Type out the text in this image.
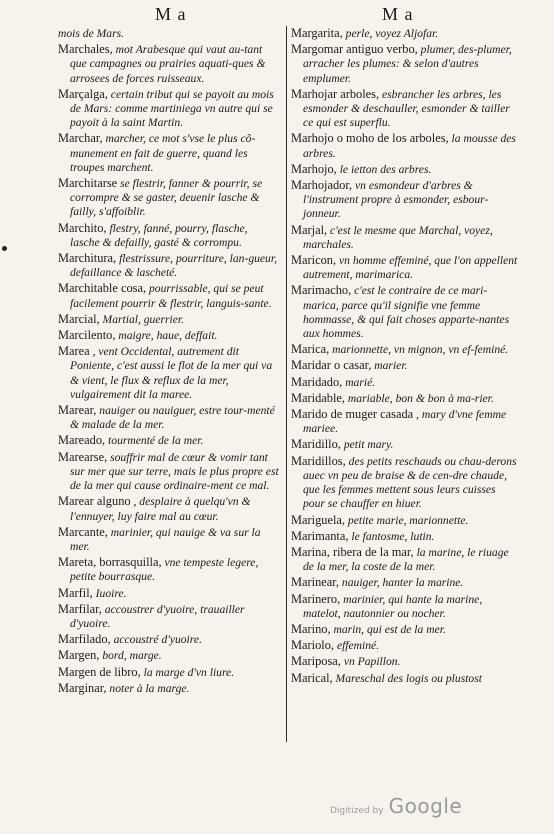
M a	M a

mois de Mars.

Marchales, mot Arabesque qui vaut au-tant que campagnes ou prairies aquati-ques & arrosees de forces ruisseaux.

Marçalga, certain tribut qui se payoit au mois de Mars: comme martiniega vn autre qui se payoit à la saint Martin.

Marchar, marcher, ce mot s'vse le plus cõ-munement en fait de guerre, quand les troupes marchent.

Marchitarse se flestrir, fanner & pourrir, se corrompre & se gaster, deuenir lasche & failly, s'affoiblir.

Marchito, flestry, fanné, pourry, flasche, lasche & defailly, gasté & corrompu.

Marchitura, flestrissure, pourriture, lan-gueur, defaillance & lascheté.

Marchitable cosa, pourrissable, qui se peut facilement pourrir & flestrir, languis-sante.

Marcial, Martial, guerrier.

Marcilento, maigre, haue, deffait.

Marea , vent Occidental, autrement dit Poniente, c'est aussi le flot de la mer qui va & vient, le flux & reflux de la mer, vulgairement dit la maree.

Marear, nauiger ou nauiguer, estre tour-menté & malade de la mer.

Mareado, tourmenté de la mer.

Marearse, souffrir mal de cœur & vomir tant sur mer que sur terre, mais le plus propre est de la mer qui cause ordinaire-ment ce mal.

Marear alguno , desplaire à quelqu'vn & l'ennuyer, luy faire mal au cœur.

Marcante, marinier, qui nauige & va sur la mer.

Mareta, borrasquilla, vne tempeste legere, petite bourrasque.

Marfil, Iuoire.

Marfilar, accoustrer d'yuoire, trauailler d'yuoire.

Marfilado, accoustré d'yuoire.

Margen, bord, marge.

Margen de libro, la marge d'vn liure.

Marginar, noter à la marge.

Margarita, perle, voyez Aljofar.

Margomar antiguo verbo, plumer, des-plumer, arracher les plumes: & selon d'autres emplumer.

Marhojar arboles, esbrancher les arbres, les esmonder & deschauller, esmonder & tailler ce qui est superflu.

Marhojo o moho de los arboles, la mousse des arbres.

Marhojo, le ietton des arbres.

Marhojador, vn esmondeur d'arbres & l'instrument propre à esmonder, esbour-jonneur.

Marjal, c'est le mesme que Marchal, voyez, marchales.

Maricon, vn homme effeminé, que l'on appellent autrement, marimarica.

Marimacho, c'est le contraire de ce mari-marica, parce qu'il signifie vne femme hommasse, & qui fait choses apparte-nantes aux hommes.

Marica, marionnette, vn mignon, vn ef-feminé.

Maridar o casar, marier.

Maridado, marié.

Maridable, mariable, bon & bon à ma-rier.

Marido de muger casada , mary d'vne femme mariee.

Maridillo, petit mary.

Maridillos, des petits reschauds ou chau-derons auec vn peu de braise & de cen-dre chaude, que les femmes mettent sous leurs cuisses pour se chauffer en hiuer.

Mariguela, petite marie, marionnette.

Marimanta, le fantosme, lutin.

Marina, ribera de la mar, la marine, le riuage de la mer, la coste de la mer.

Marinear, nauiger, hanter la marine.

Marinero, marinier, qui hante la marine, matelot, nautonnier ou nocher.

Marino, marin, qui est de la mer.

Mariolo, effeminé.

Mariposa, vn Papillon.

Marical, Mareschal des logis ou plustost

Digitized by Google
